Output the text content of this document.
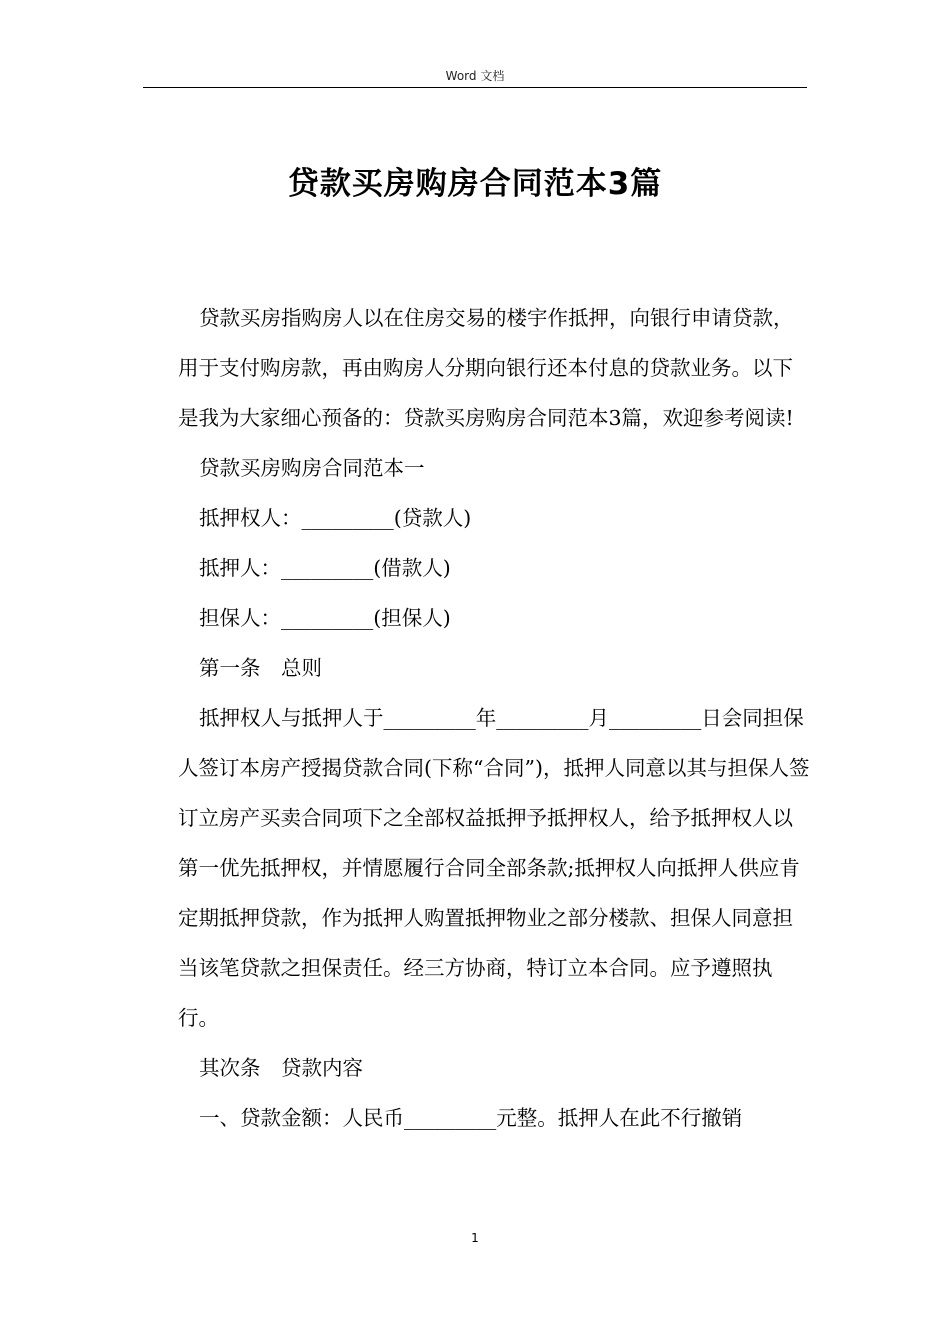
Word 文档
贷款买房购房合同范本3篇

贷款买房指购房人以在住房交易的楼宇作抵押，向银行申请贷款，用于支付购房款，再由购房人分期向银行还本付息的贷款业务。以下是我为大家细心预备的：贷款买房购房合同范本3篇，欢迎参考阅读!

贷款买房购房合同范本一

抵押权人：_________(贷款人)

抵押人：_________(借款人)

担保人：_________(担保人)

第一条　总则

抵押权人与抵押人于_________年_________月_________日会同担保人签订本房产授揭贷款合同(下称“合同”)，抵押人同意以其与担保人签订立房产买卖合同项下之全部权益抵押予抵押权人，给予抵押权人以第一优先抵押权，并情愿履行合同全部条款;抵押权人向抵押人供应肯定期抵押贷款，作为抵押人购置抵押物业之部分楼款、担保人同意担当该笔贷款之担保责任。经三方协商，特订立本合同。应予遵照执行。

其次条　贷款内容

一、贷款金额：人民币_________元整。抵押人在此不行撤销

1
